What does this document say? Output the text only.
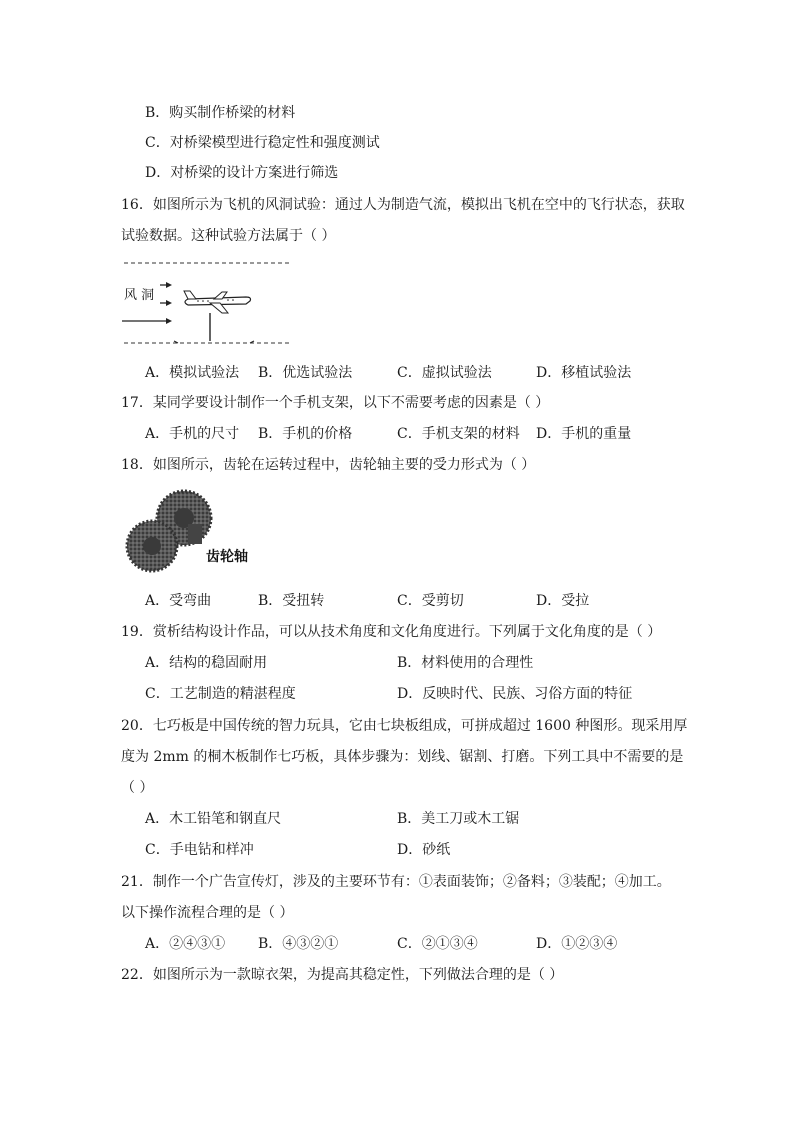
B．购买制作桥梁的材料
C．对桥梁模型进行稳定性和强度测试
D．对桥梁的设计方案进行筛选
16．如图所示为飞机的风洞试验：通过人为制造气流，模拟出飞机在空中的飞行状态，获取
试验数据。这种试验方法属于（ ）
风 洞
A．模拟试验法 B．优选试验法	C．虚拟试验法	D．移植试验法
17．某同学要设计制作一个手机支架，以下不需要考虑的因素是（ ）
A．手机的尺寸 B．手机的价格	C．手机支架的材料 D．手机的重量
18．如图所示，齿轮在运转过程中，齿轮轴主要的受力形式为（ ）
齿轮轴
A．受弯曲	B．受扭转	C．受剪切	D．受拉
19．赏析结构设计作品，可以从技术角度和文化角度进行。下列属于文化角度的是（ ）
A．结构的稳固耐用	B．材料使用的合理性
C．工艺制造的精湛程度	D．反映时代、民族、习俗方面的特征
20．七巧板是中国传统的智力玩具，它由七块板组成，可拼成超过 1600 种图形。现采用厚
度为 2mm 的桐木板制作七巧板，具体步骤为：划线、锯割、打磨。下列工具中不需要的是
（ ）
A．木工铅笔和钢直尺	B．美工刀或木工锯
C．手电钻和样冲	D．砂纸
21．制作一个广告宣传灯，涉及的主要环节有：①表面装饰；②备料；③装配；④加工。
以下操作流程合理的是（ ）
A．②④③① B．④③②①	C．②①③④	D．①②③④
22．如图所示为一款晾衣架，为提高其稳定性，下列做法合理的是（ ）
